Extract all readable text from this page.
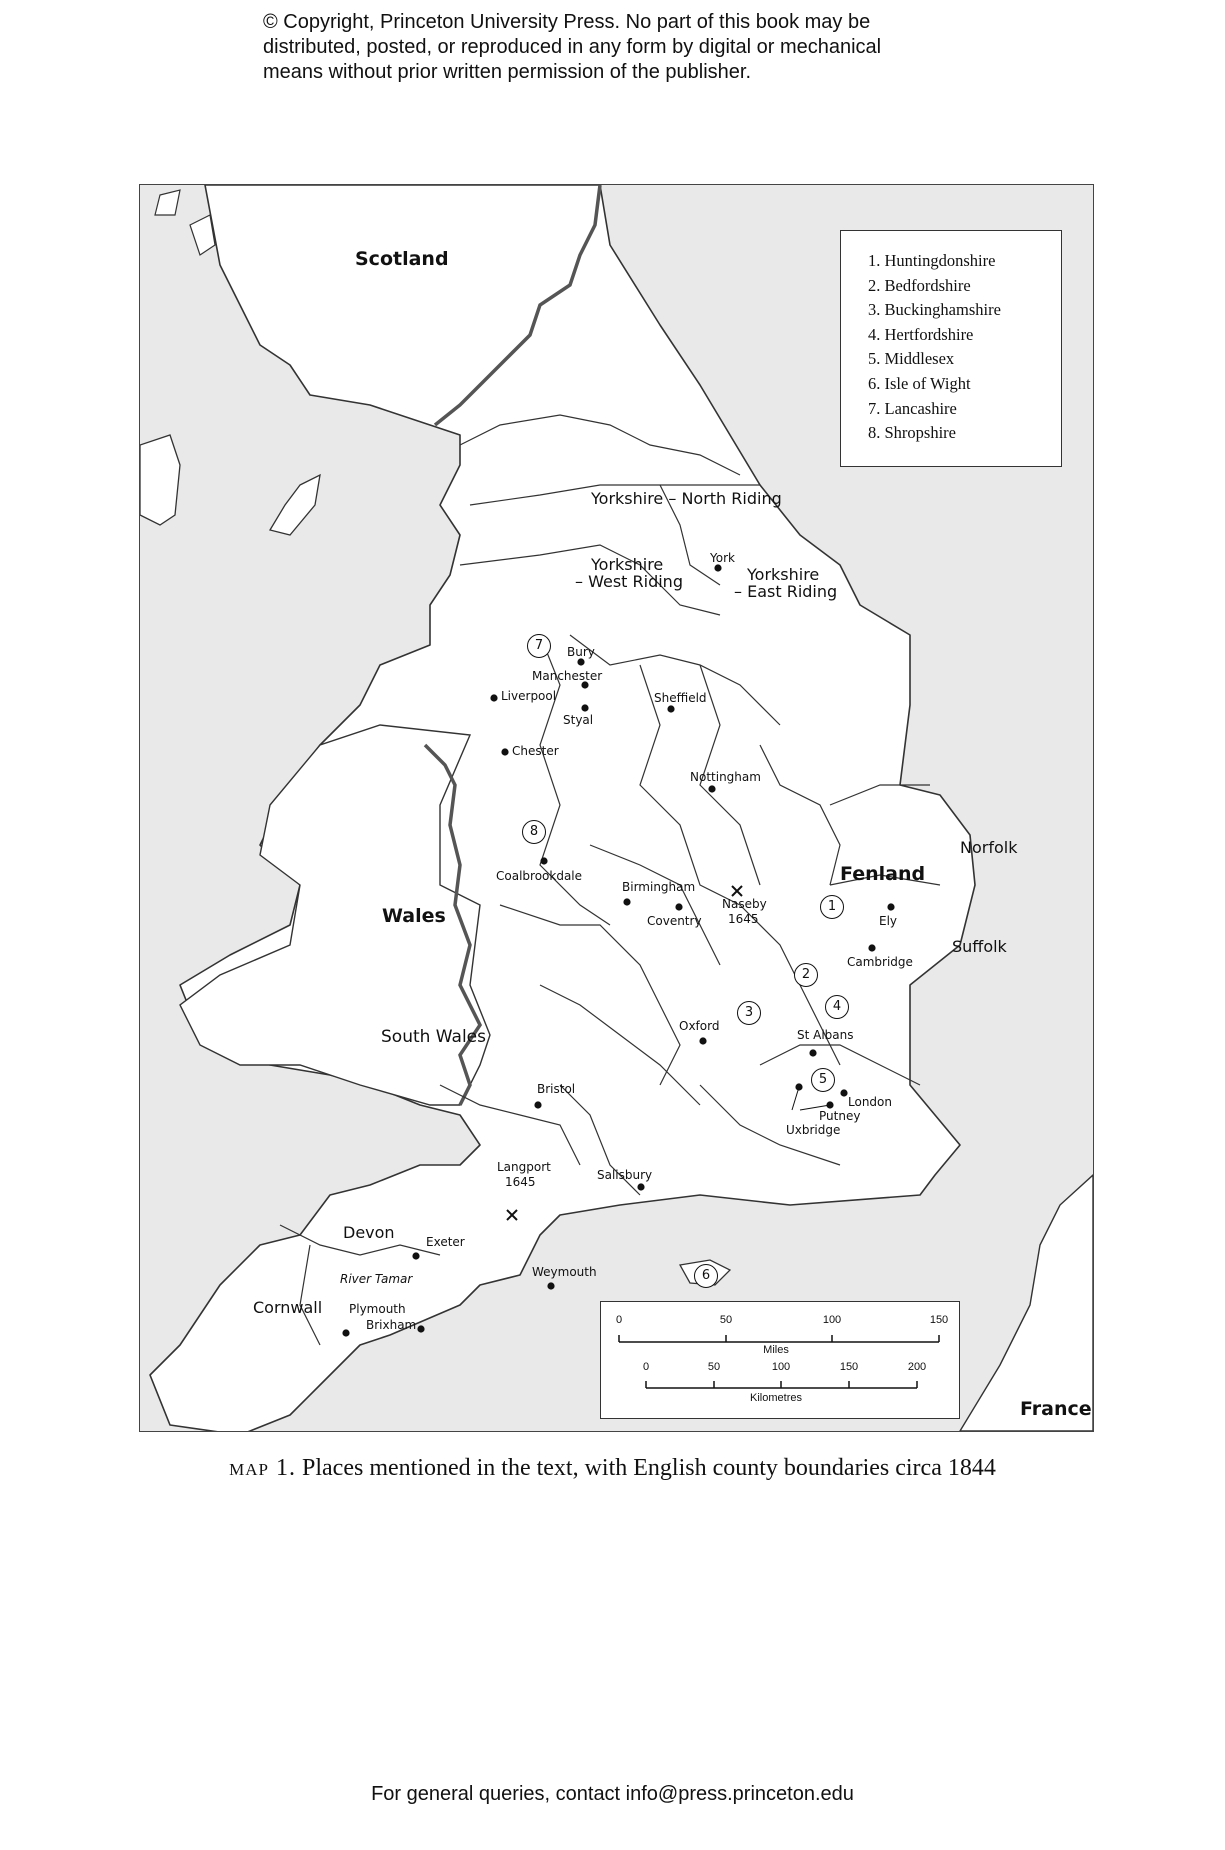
© Copyright, Princeton University Press. No part of this book may be
distributed, posted, or reproduced in any form by digital or mechanical
means without prior written permission of the publisher.
Scotland
Wales
South Wales
Fenland
France
Norfolk
Suffolk
Devon
Cornwall
River Tamar
Yorkshire – North Riding
Yorkshire
– West Riding	Yorkshire
– East Riding
York
Bury
Manchester
Liverpool
Styal
Sheffield
Chester
Nottingham
Coalbrookdale
Birmingham
Coventry
Naseby
1645	Ely
Cambridge
Oxford
St Albans
London
Putney
Uxbridge
Bristol
Langport
1645	Salisbury
Exeter
Weymouth
Plymouth
Brixham
7
8
1
2
3	4
5
6
1. Huntingdonshire
2. Bedfordshire
3. Buckinghamshire
4. Hertfordshire
5. Middlesex
6. Isle of Wight
7. Lancashire
8. Shropshire
0	50	100	150
Miles
0	50	100	150	200
Kilometres
map 1. Places mentioned in the text, with English county boundaries circa 1844
For general queries, contact info@press.princeton.edu
